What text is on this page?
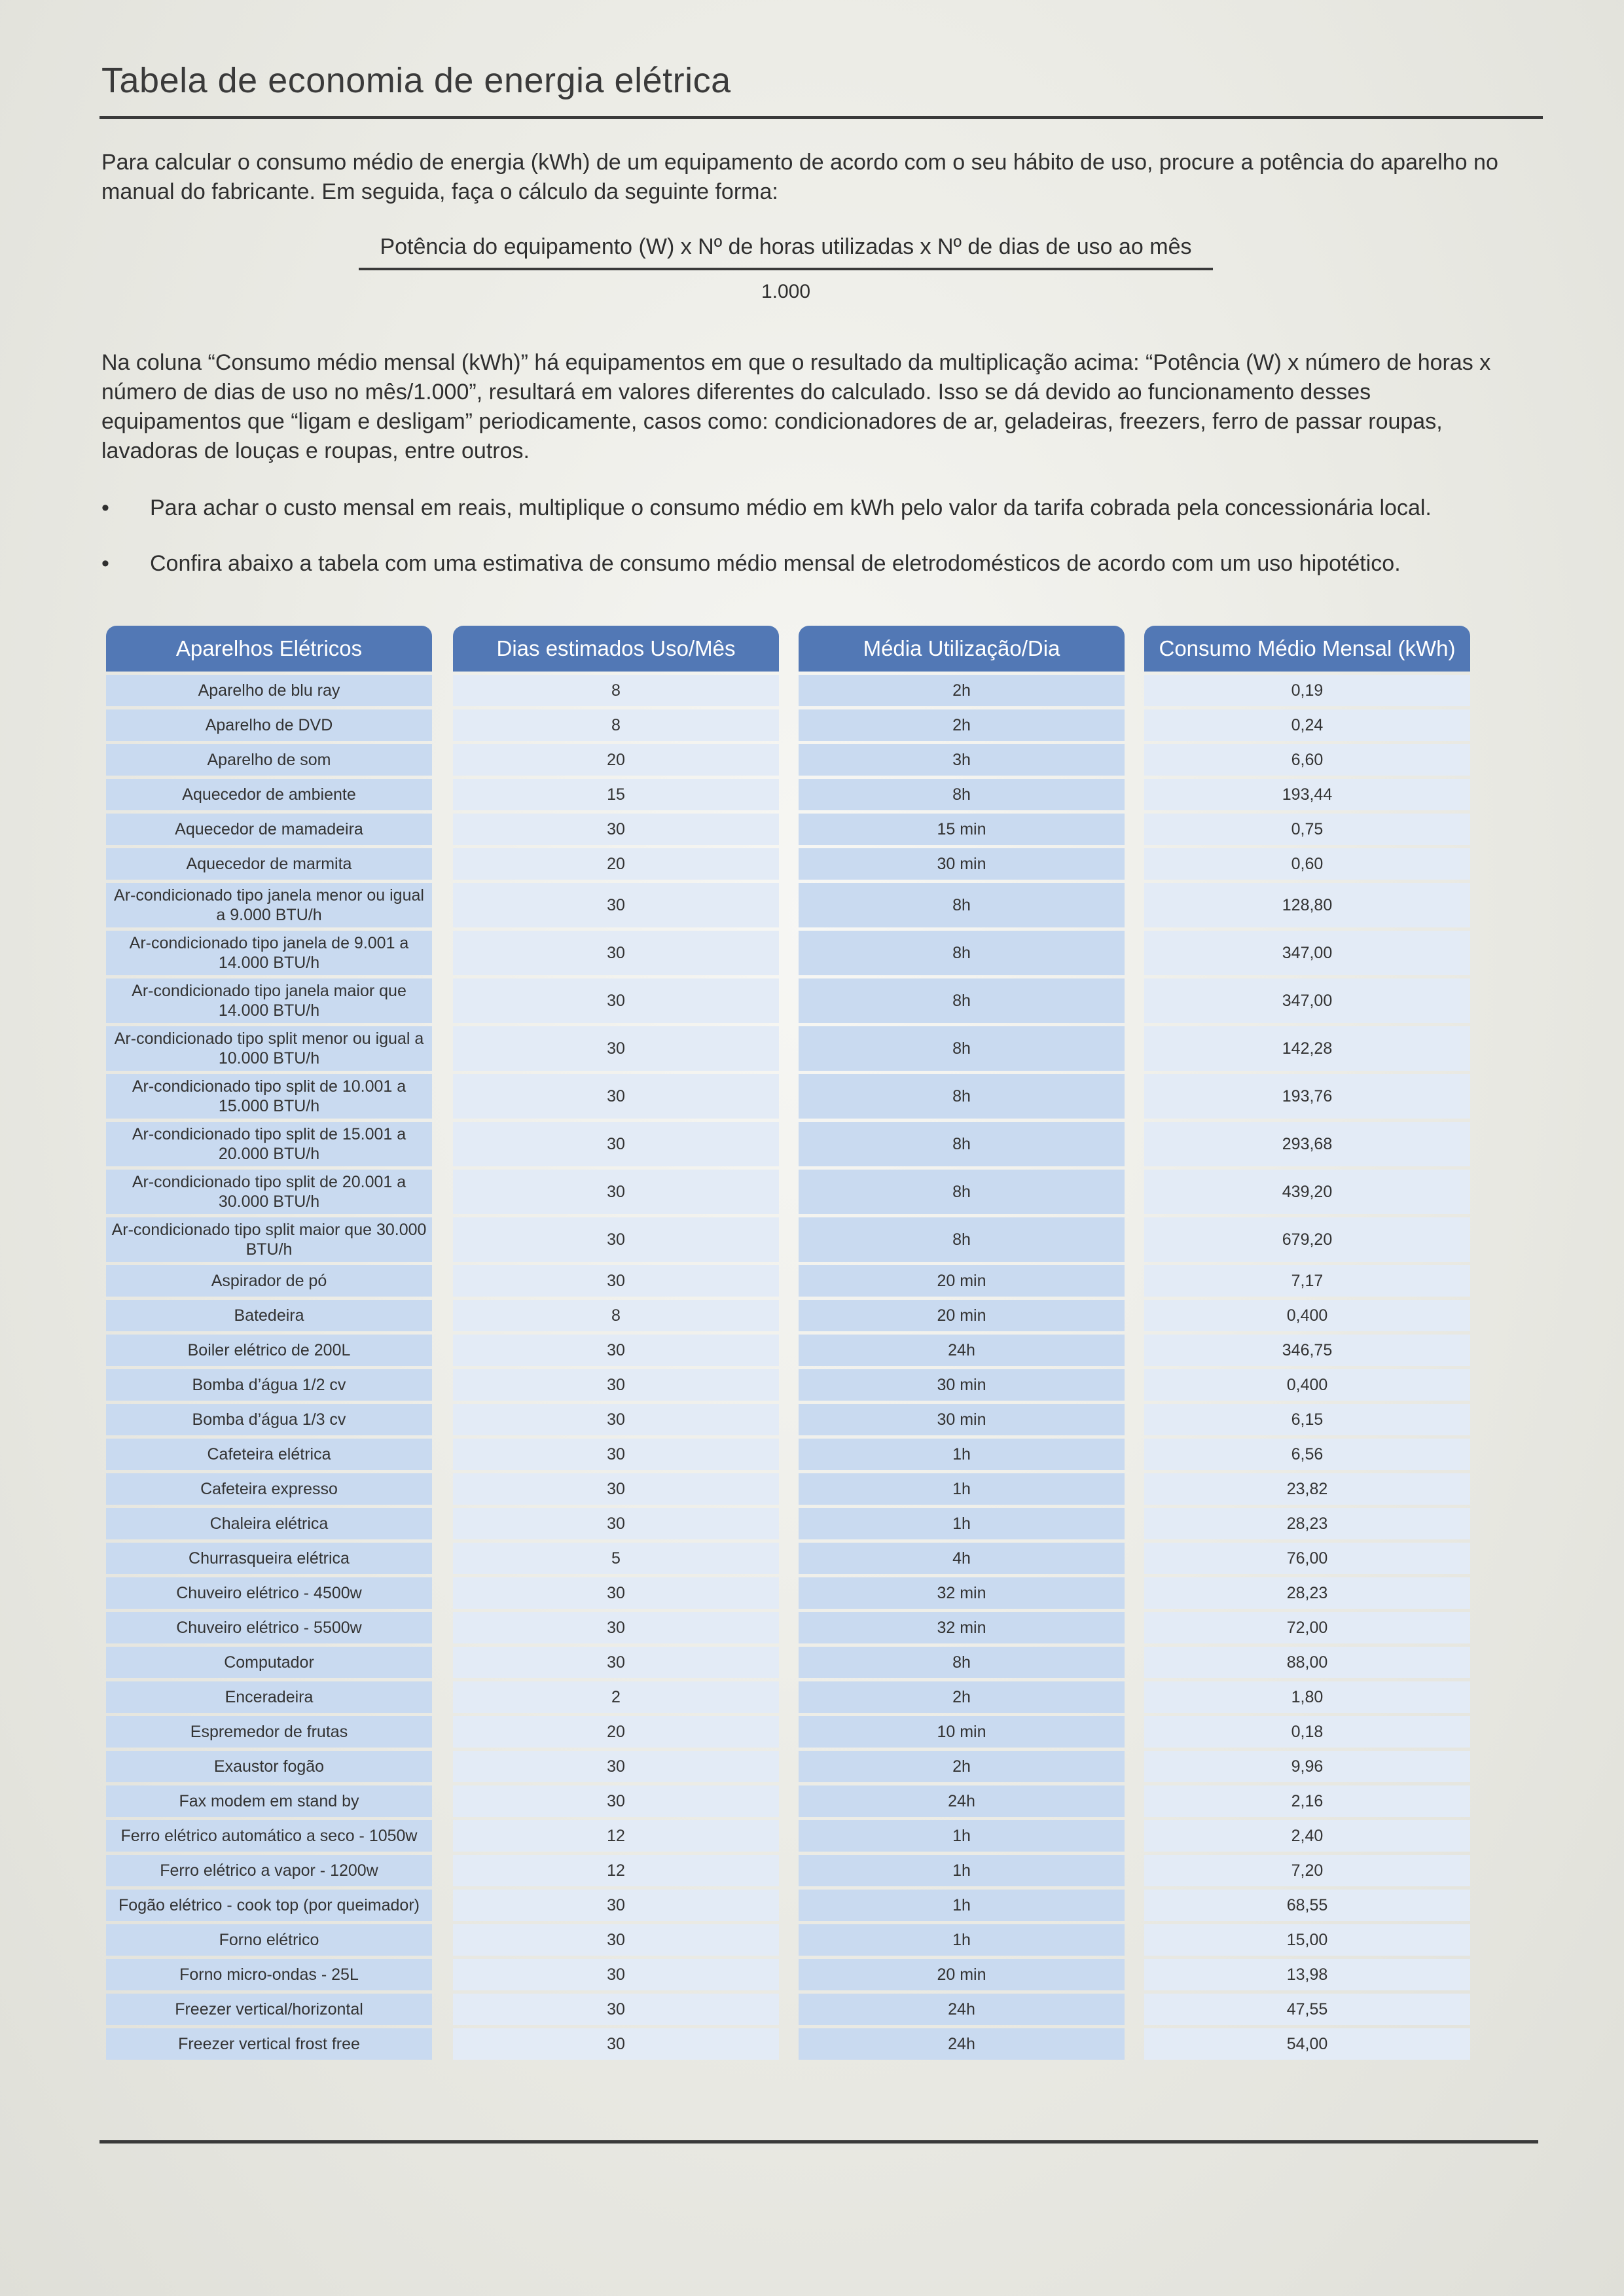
Tabela de economia de energia elétrica

Para calcular o consumo médio de energia (kWh) de um equipamento de acordo com o seu hábito de uso, procure a potência do aparelho no manual do fabricante. Em seguida, faça o cálculo da seguinte forma:

Potência do equipamento (W) x Nº de horas utilizadas x Nº de dias de uso ao mês
1.000

Na coluna “Consumo médio mensal (kWh)” há equipamentos em que o resultado da multiplicação acima: “Potência (W) x número de horas x número de dias de uso no mês/1.000”, resultará em valores diferentes do calculado. Isso se dá devido ao funcionamento desses equipamentos que “ligam e desligam” periodicamente, casos como: condicionadores de ar, geladeiras, freezers, ferro de passar roupas, lavadoras de louças e roupas, entre outros.

• Para achar o custo mensal em reais, multiplique o consumo médio em kWh pelo valor da tarifa cobrada pela concessionária local.
• Confira abaixo a tabela com uma estimativa de consumo médio mensal de eletrodomésticos de acordo com um uso hipotético.
Aparelhos Elétricos	Dias estimados Uso/Mês	Média Utilização/Dia	Consumo Médio Mensal (kWh)
Aparelho de blu ray	8	2h	0,19
Aparelho de DVD	8	2h	0,24
Aparelho de som	20	3h	6,60
Aquecedor de ambiente	15	8h	193,44
Aquecedor de mamadeira	30	15 min	0,75
Aquecedor de marmita	20	30 min	0,60
Ar-condicionado tipo janela menor ou igual a 9.000 BTU/h
30	8h	128,80
Ar-condicionado tipo janela de 9.001 a 14.000 BTU/h
30	8h	347,00
Ar-condicionado tipo janela maior que 14.000 BTU/h
30	8h	347,00
Ar-condicionado tipo split menor ou igual a 10.000 BTU/h
30	8h	142,28
Ar-condicionado tipo split de 10.001 a 15.000 BTU/h
30	8h	193,76
Ar-condicionado tipo split de 15.001 a 20.000 BTU/h
30	8h	293,68
Ar-condicionado tipo split de 20.001 a 30.000 BTU/h
30	8h	439,20
Ar-condicionado tipo split maior que 30.000 BTU/h
30	8h	679,20
Aspirador de pó	30	20 min	7,17
Batedeira	8	20 min	0,400
Boiler elétrico de 200L	30	24h	346,75
Bomba d’água 1/2 cv	30	30 min	0,400
Bomba d’água 1/3 cv	30	30 min	6,15
Cafeteira elétrica	30	1h	6,56
Cafeteira expresso	30	1h	23,82
Chaleira elétrica	30	1h	28,23
Churrasqueira elétrica	5	4h	76,00
Chuveiro elétrico - 4500w	30	32 min	28,23
Chuveiro elétrico - 5500w	30	32 min	72,00
Computador	30	8h	88,00
Enceradeira	2	2h	1,80
Espremedor de frutas	20	10 min	0,18
Exaustor fogão	30	2h	9,96
Fax modem em stand by	30	24h	2,16
Ferro elétrico automático a seco - 1050w	12	1h	2,40
Ferro elétrico a vapor - 1200w	12	1h	7,20
Fogão elétrico - cook top (por queimador)	30	1h	68,55
Forno elétrico	30	1h	15,00
Forno micro-ondas - 25L	30	20 min	13,98
Freezer vertical/horizontal	30	24h	47,55
Freezer vertical frost free	30	24h	54,00
